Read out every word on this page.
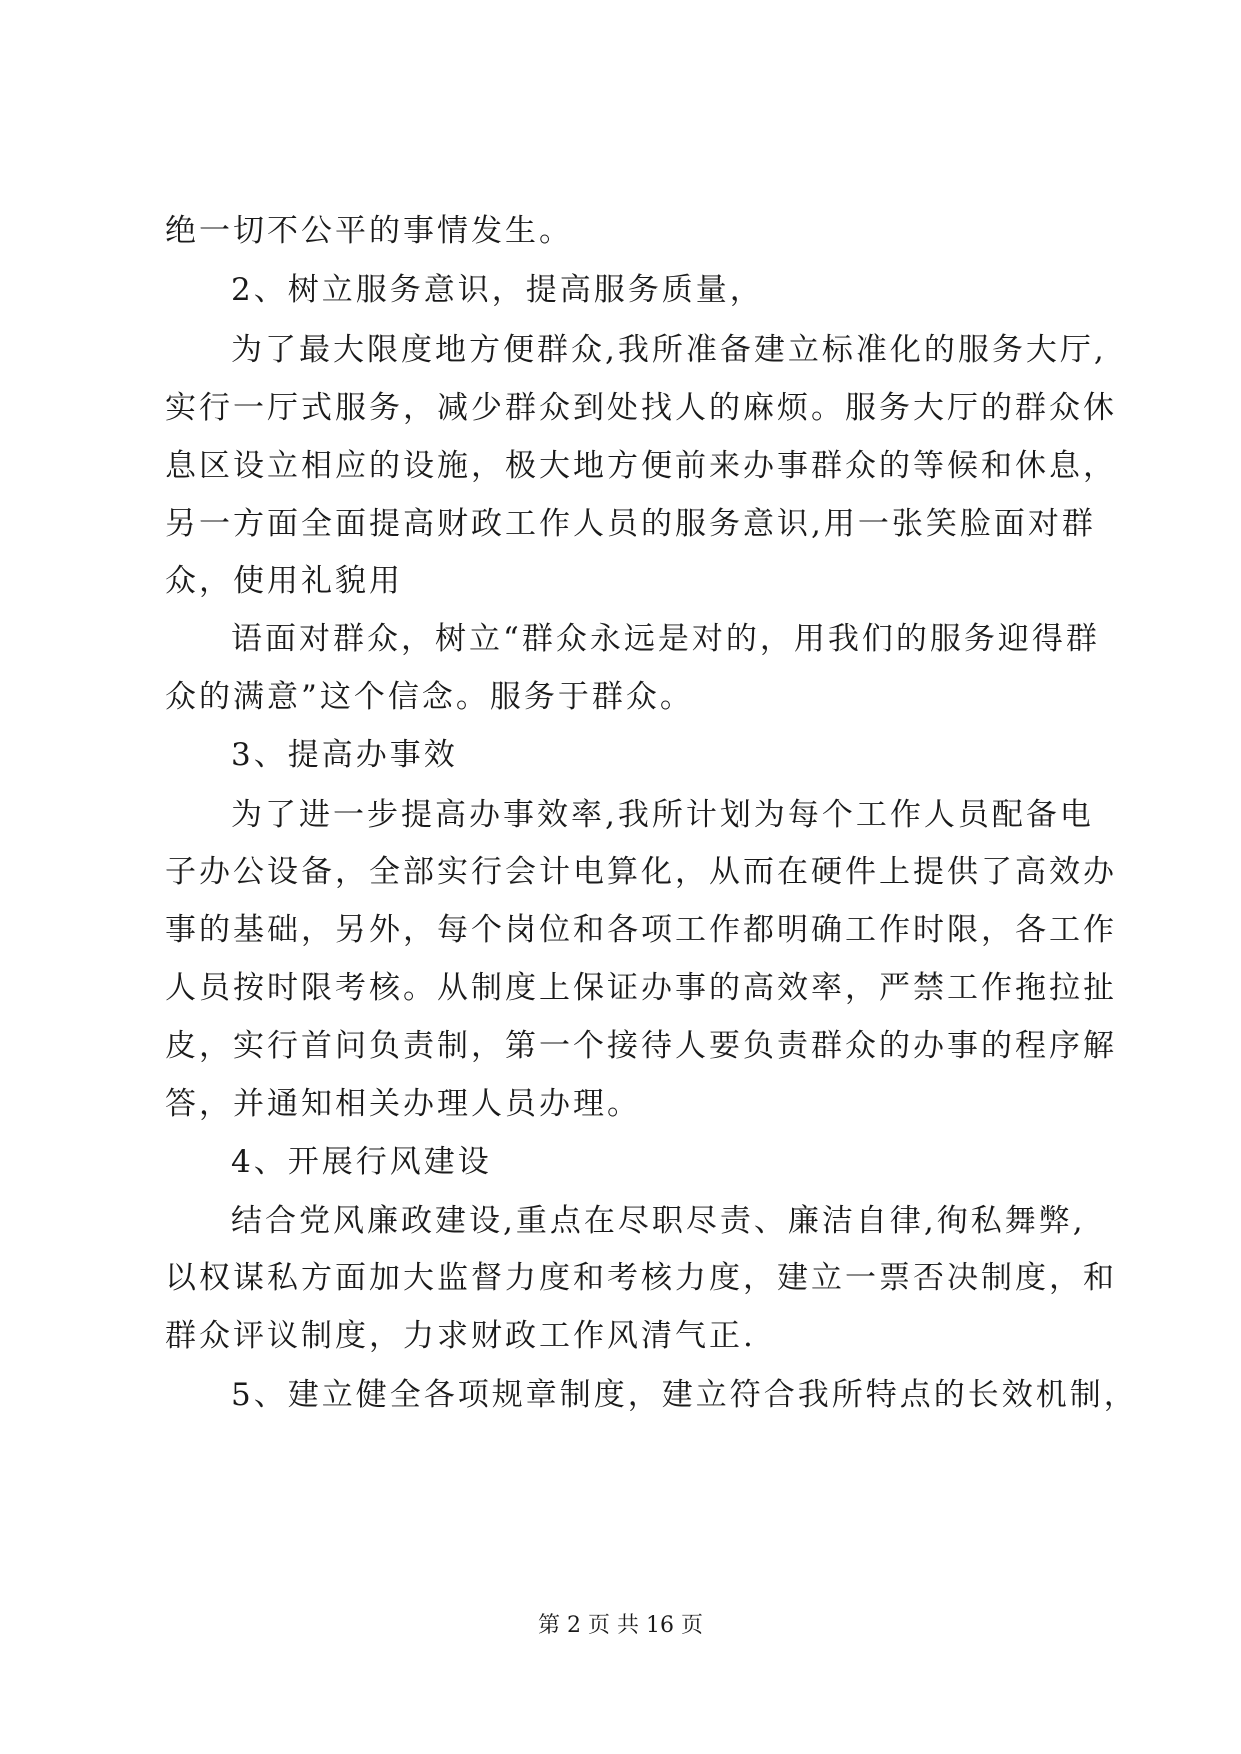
绝一切不公平的事情发生。
2、树立服务意识，提高服务质量，
为了最大限度地方便群众,我所准备建立标准化的服务大厅,
实行一厅式服务，减少群众到处找人的麻烦。服务大厅的群众休
息区设立相应的设施，极大地方便前来办事群众的等候和休息，
另一方面全面提高财政工作人员的服务意识,用一张笑脸面对群
众，使用礼貌用
语面对群众，树立“群众永远是对的，用我们的服务迎得群
众的满意”这个信念。服务于群众。
3、提高办事效
为了进一步提高办事效率,我所计划为每个工作人员配备电
子办公设备，全部实行会计电算化，从而在硬件上提供了高效办
事的基础，另外，每个岗位和各项工作都明确工作时限，各工作
人员按时限考核。从制度上保证办事的高效率，严禁工作拖拉扯
皮，实行首问负责制，第一个接待人要负责群众的办事的程序解
答，并通知相关办理人员办理。
4、开展行风建设
结合党风廉政建设,重点在尽职尽责、廉洁自律,徇私舞弊,
以权谋私方面加大监督力度和考核力度，建立一票否决制度，和
群众评议制度，力求财政工作风清气正.
5、建立健全各项规章制度，建立符合我所特点的长效机制，
第 2 页 共 16 页
